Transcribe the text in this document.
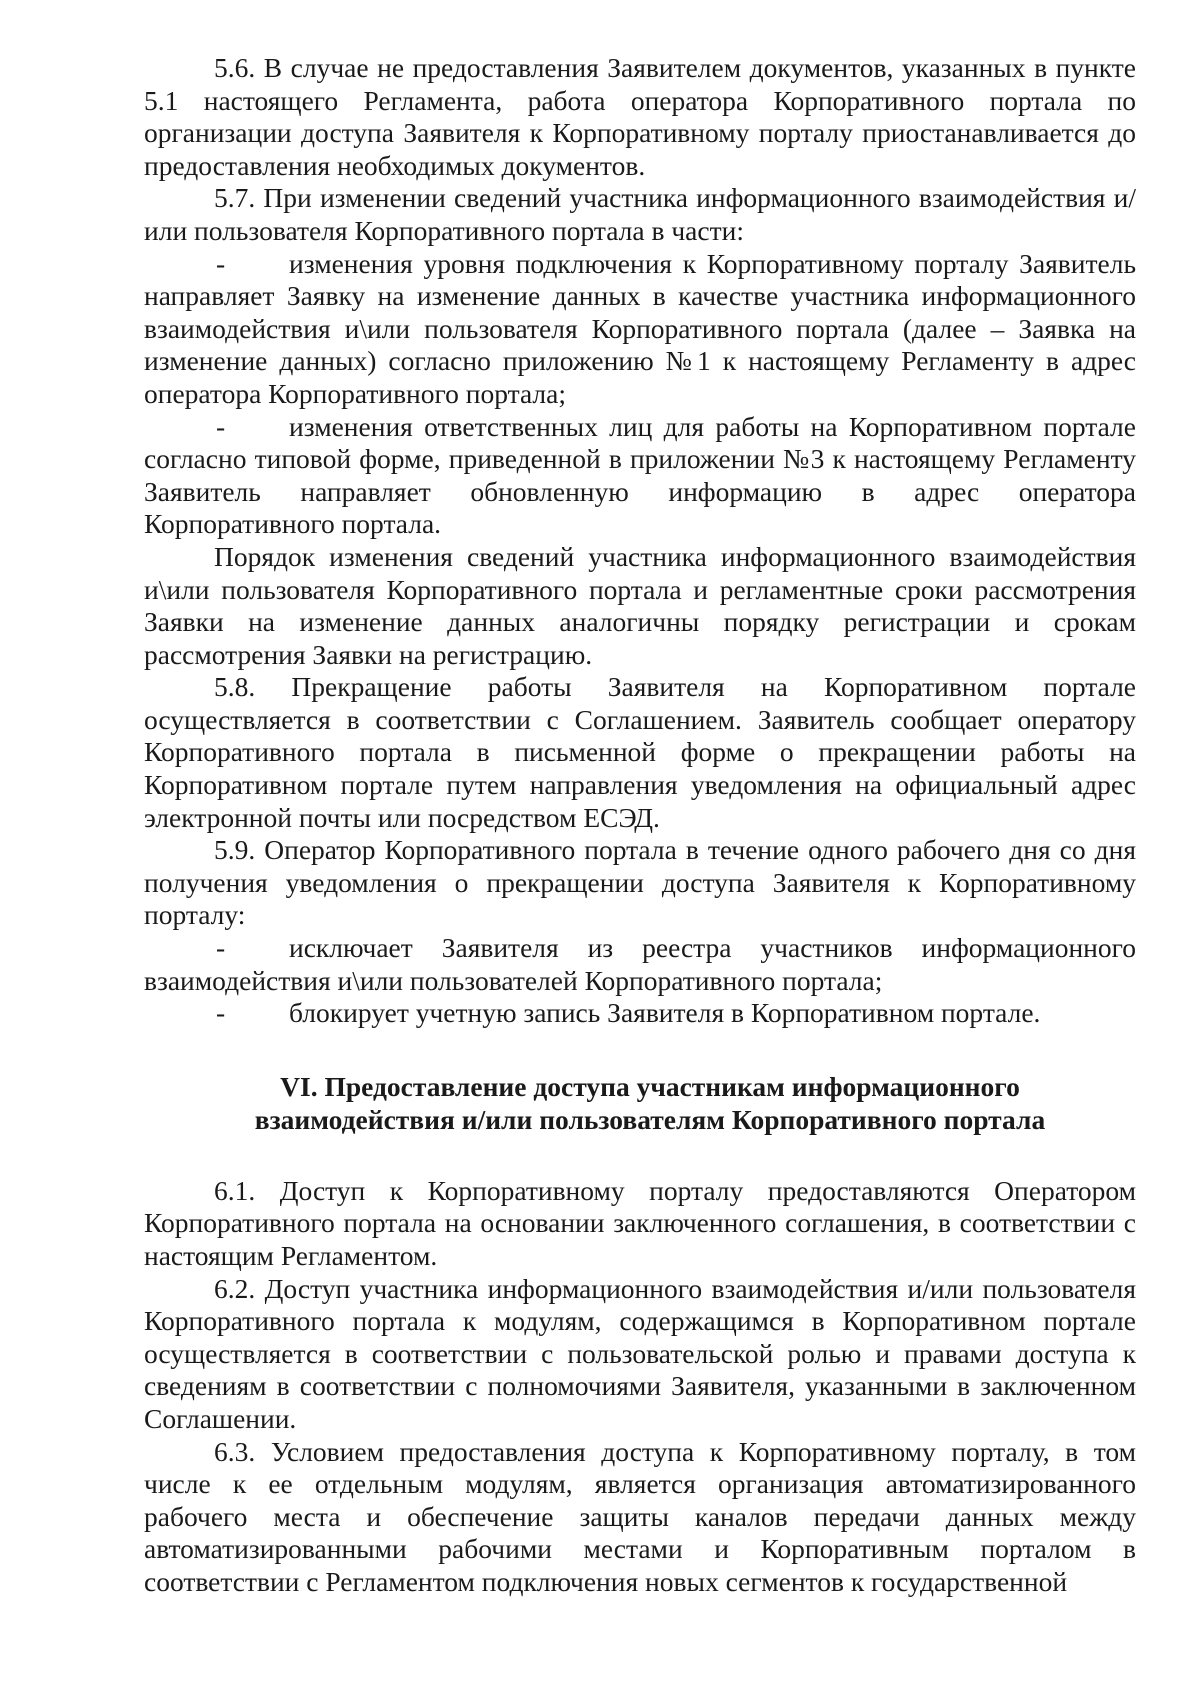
5.6. В случае не предоставления Заявителем документов, указанных в пункте 5.1 настоящего Регламента, работа оператора Корпоративного портала по организации доступа Заявителя к Корпоративному порталу приостанавливается до предоставления необходимых документов.

5.7. При изменении сведений участника информационного взаимодействия и/или пользователя Корпоративного портала в части:

- изменения уровня подключения к Корпоративному порталу Заявитель направляет Заявку на изменение данных в качестве участника информационного взаимодействия и\или пользователя Корпоративного портала (далее – Заявка на изменение данных) согласно приложению №1 к настоящему Регламенту в адрес оператора Корпоративного портала;

- изменения ответственных лиц для работы на Корпоративном портале согласно типовой форме, приведенной в приложении №3 к настоящему Регламенту Заявитель направляет обновленную информацию в адрес оператора Корпоративного портала.

Порядок изменения сведений участника информационного взаимодействия и\или пользователя Корпоративного портала и регламентные сроки рассмотрения Заявки на изменение данных аналогичны порядку регистрации и срокам рассмотрения Заявки на регистрацию.

5.8. Прекращение работы Заявителя на Корпоративном портале осуществляется в соответствии с Соглашением. Заявитель сообщает оператору Корпоративного портала в письменной форме о прекращении работы на Корпоративном портале путем направления уведомления на официальный адрес электронной почты или посредством ЕСЭД.

5.9. Оператор Корпоративного портала в течение одного рабочего дня со дня получения уведомления о прекращении доступа Заявителя к Корпоративному порталу:

- исключает Заявителя из реестра участников информационного взаимодействия и\или пользователей Корпоративного портала;

- блокирует учетную запись Заявителя в Корпоративном портале.

VI. Предоставление доступа участникам информационного
взаимодействия и/или пользователям Корпоративного портала

6.1. Доступ к Корпоративному порталу предоставляются Оператором Корпоративного портала на основании заключенного соглашения, в соответствии с настоящим Регламентом.

6.2. Доступ участника информационного взаимодействия и/или пользователя Корпоративного портала к модулям, содержащимся в Корпоративном портале осуществляется в соответствии с пользовательской ролью и правами доступа к сведениям в соответствии с полномочиями Заявителя, указанными в заключенном Соглашении.

6.3. Условием предоставления доступа к Корпоративному порталу, в том числе к ее отдельным модулям, является организация автоматизированного рабочего места и обеспечение защиты каналов передачи данных между автоматизированными рабочими местами и Корпоративным порталом в соответствии с Регламентом подключения новых сегментов к государственной
